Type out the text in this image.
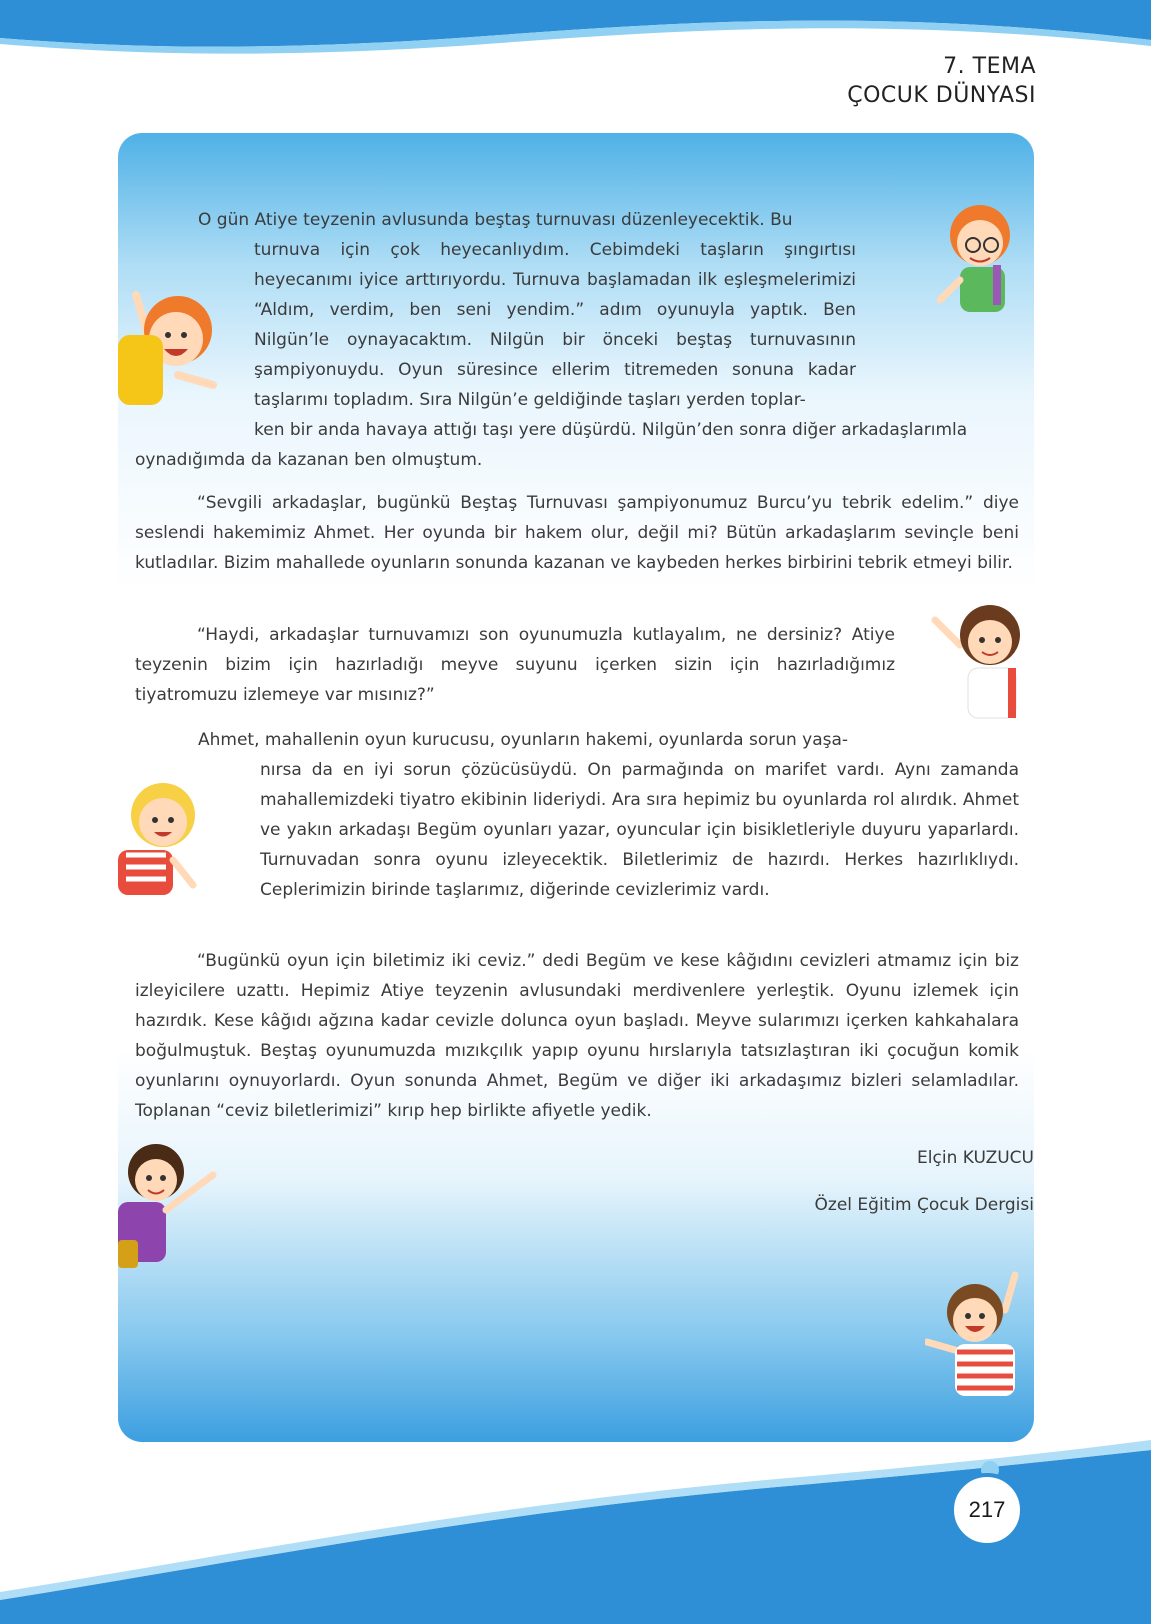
7. TEMA
ÇOCUK DÜNYASI
O gün Atiye teyzenin avlusunda beştaş turnuvası düzenleyecektik. Bu
turnuva için çok heyecanlıydım. Cebimdeki taşların şıngırtısı heyecanımı iyice arttırıyordu. Turnuva başlamadan ilk eşleşmelerimizi “Aldım, verdim, ben seni yendim.” adım oyunuyla yaptık. Ben Nilgün’le oynayacaktım. Nilgün bir önceki beştaş turnuvasının şampiyonuydu. Oyun süresince ellerim titremeden sonuna kadar taşlarımı topladım. Sıra Nilgün’e geldiğinde taşları yerden toplar-
ken bir anda havaya attığı taşı yere düşürdü. Nilgün’den sonra diğer arkadaşlarımla
oynadığımda da kazanan ben olmuştum.
“Sevgili arkadaşlar, bugünkü Beştaş Turnuvası şampiyonumuz Burcu’yu tebrik edelim.” diye seslendi hakemimiz Ahmet. Her oyunda bir hakem olur, değil mi? Bütün arkadaşlarım sevinçle beni kutladılar. Bizim mahallede oyunların sonunda kazanan ve kaybeden herkes birbirini tebrik etmeyi bilir.
“Haydi, arkadaşlar turnuvamızı son oyunumuzla kutlayalım, ne dersiniz? Atiye teyzenin bizim için hazırladığı meyve suyunu içerken sizin için hazırladığımız tiyatromuzu izlemeye var mısınız?”
Ahmet, mahallenin oyun kurucusu, oyunların hakemi, oyunlarda sorun yaşa-
nırsa da en iyi sorun çözücüsüydü. On parmağında on marifet vardı. Aynı zamanda mahallemizdeki tiyatro ekibinin lideriydi. Ara sıra hepimiz bu oyunlarda rol alırdık. Ahmet ve yakın arkadaşı Begüm oyunları yazar, oyuncular için bisikletleriyle duyuru yaparlardı. Turnuvadan sonra oyunu izleyecektik. Biletlerimiz de hazırdı. Herkes hazırlıklıydı. Ceplerimizin birinde taşlarımız, diğerinde cevizlerimiz vardı.
“Bugünkü oyun için biletimiz iki ceviz.” dedi Begüm ve kese kâğıdını cevizleri atmamız için biz izleyicilere uzattı. Hepimiz Atiye teyzenin avlusundaki merdivenlere yerleştik. Oyunu izlemek için hazırdık. Kese kâğıdı ağzına kadar cevizle dolunca oyun başladı. Meyve sularımızı içerken kahkahalara boğulmuştuk. Beştaş oyunumuzda mızıkçılık yapıp oyunu hırslarıyla tatsızlaştıran iki çocuğun komik oyunlarını oynuyorlardı. Oyun sonunda Ahmet, Begüm ve diğer iki arkadaşımız bizleri selamladılar. Toplanan “ceviz biletlerimizi” kırıp hep birlikte afiyetle yedik.
Elçin KUZUCU
Özel Eğitim Çocuk Dergisi
217
